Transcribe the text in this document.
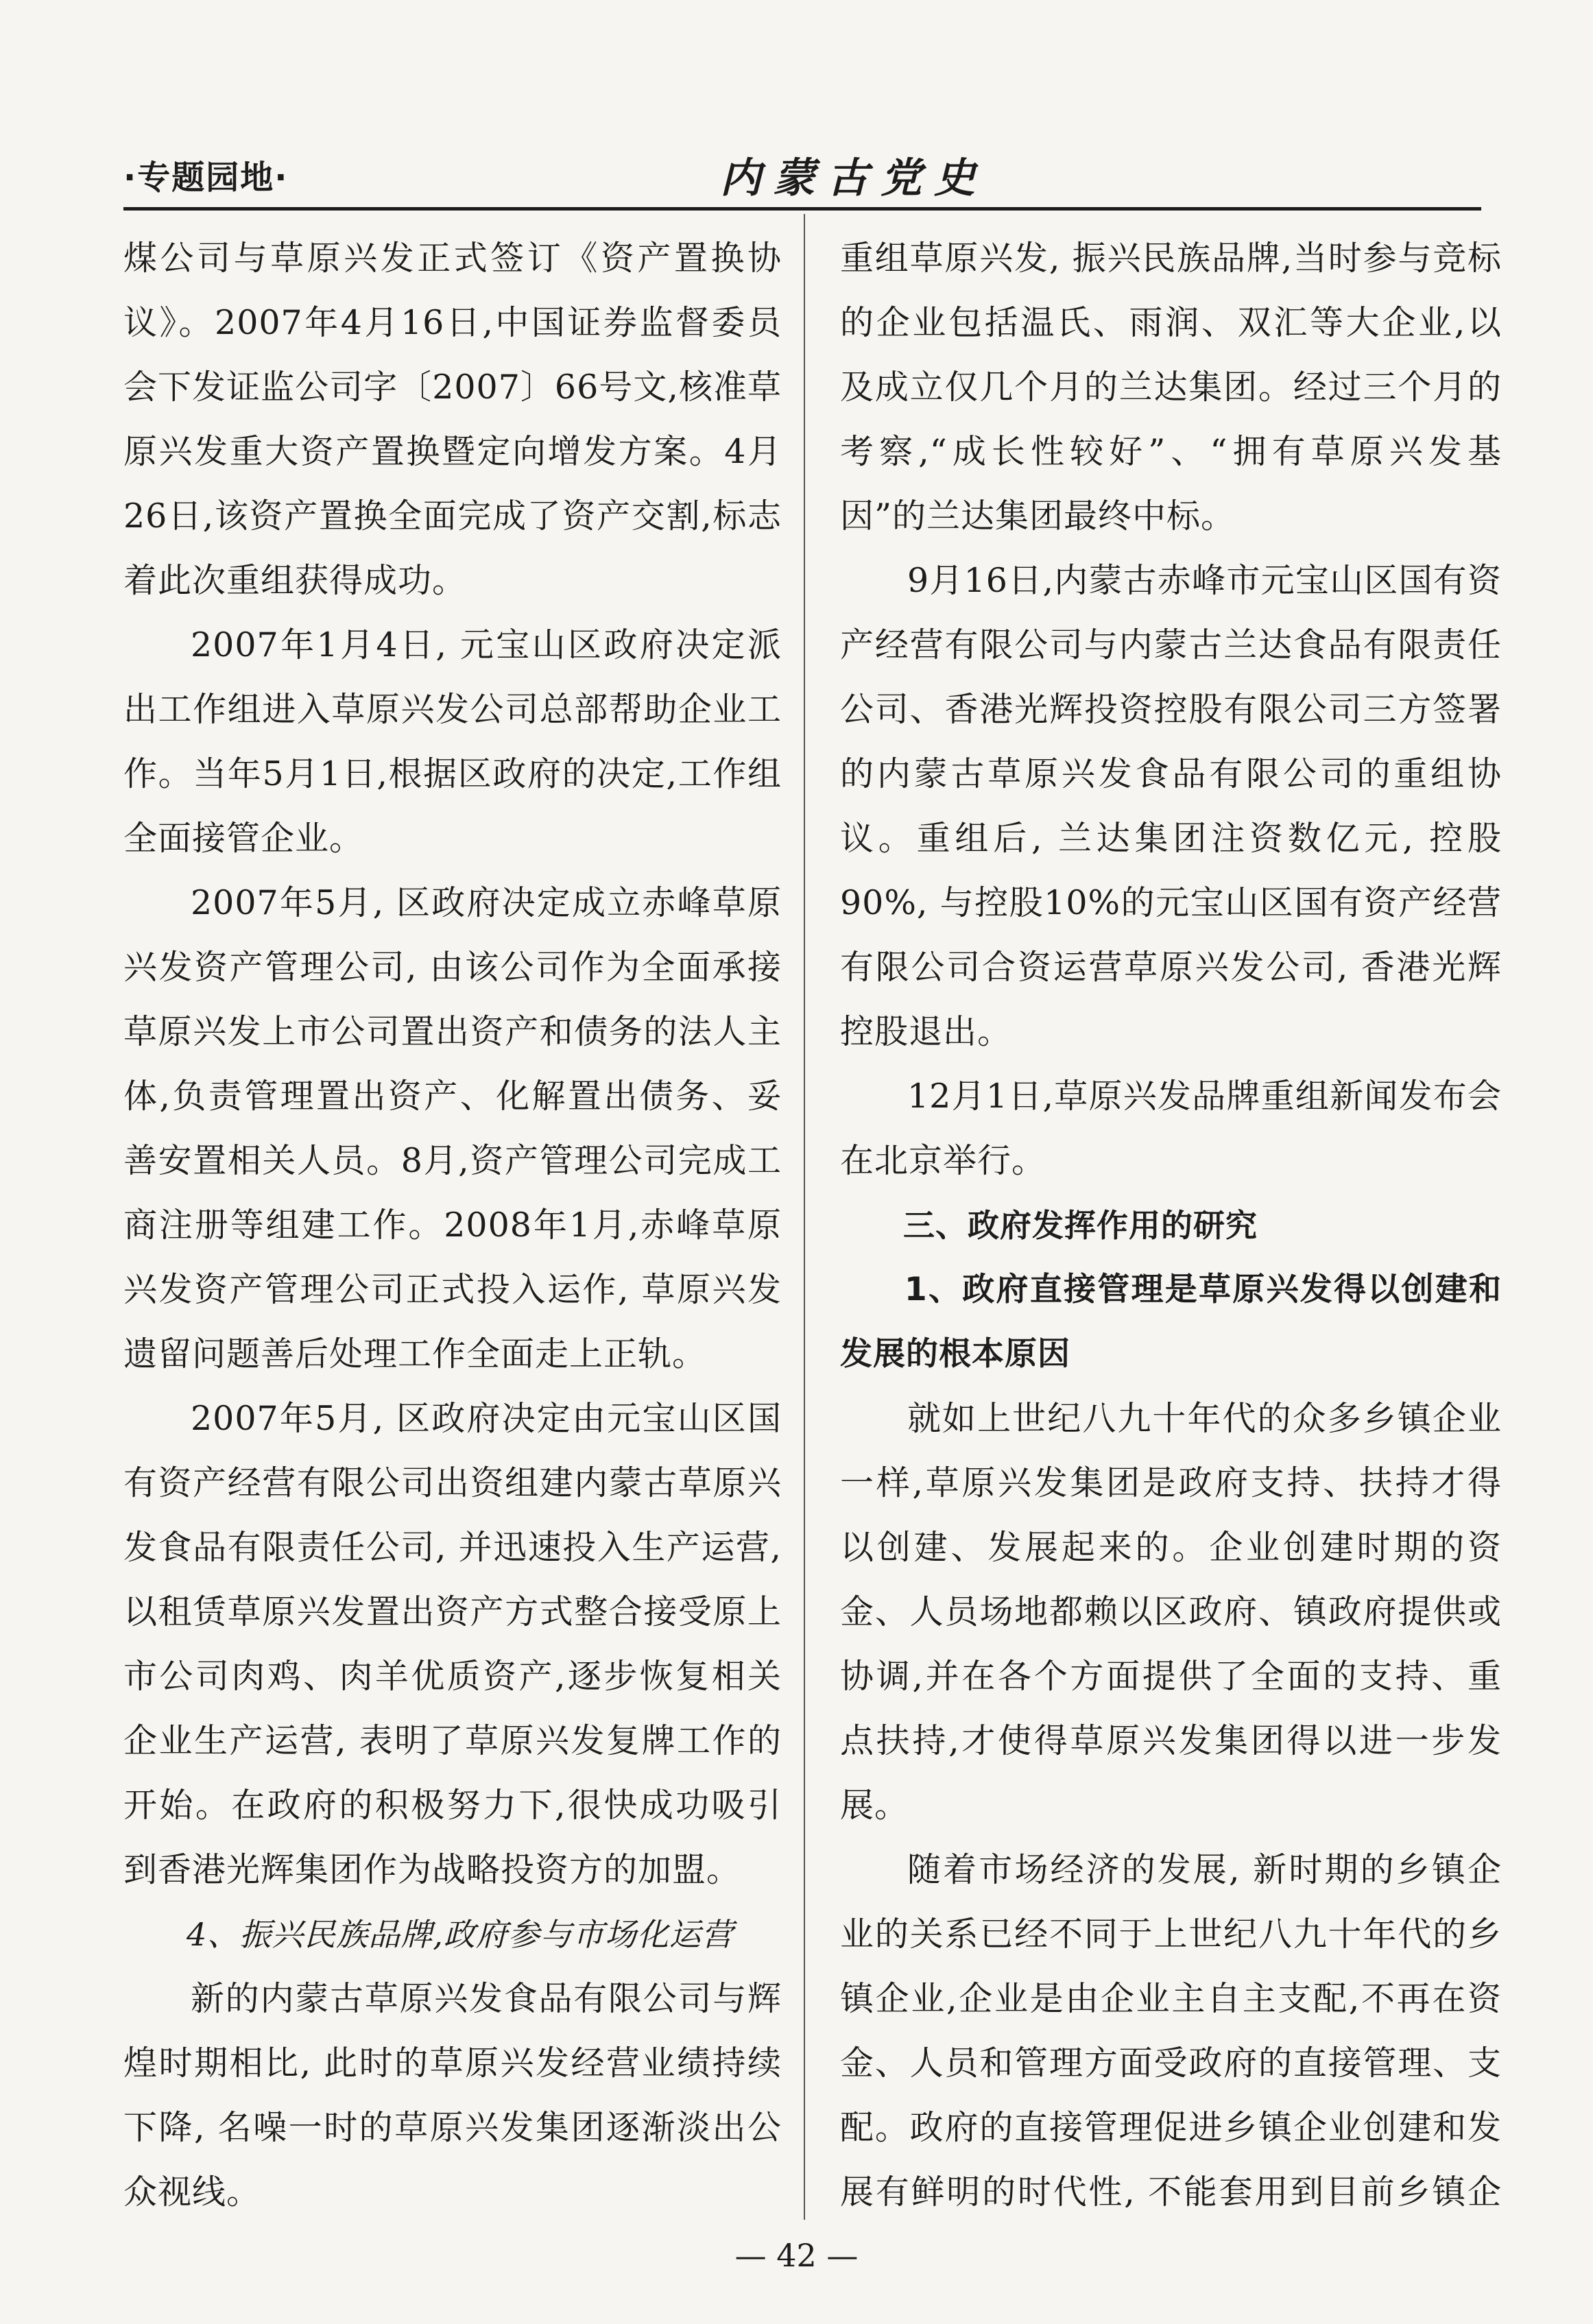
·专题园地·	内蒙古党史

煤公司与草原兴发正式签订《资产置换协议》。2007年4月16日,中国证券监督委员会下发证监公司字〔2007〕66号文,核准草原兴发重大资产置换暨定向增发方案。4月26日,该资产置换全面完成了资产交割,标志着此次重组获得成功。

2007年1月4日, 元宝山区政府决定派出工作组进入草原兴发公司总部帮助企业工作。当年5月1日,根据区政府的决定,工作组全面接管企业。

2007年5月, 区政府决定成立赤峰草原兴发资产管理公司, 由该公司作为全面承接草原兴发上市公司置出资产和债务的法人主体,负责管理置出资产、化解置出债务、妥善安置相关人员。8月,资产管理公司完成工商注册等组建工作。2008年1月,赤峰草原兴发资产管理公司正式投入运作, 草原兴发遗留问题善后处理工作全面走上正轨。

2007年5月, 区政府决定由元宝山区国有资产经营有限公司出资组建内蒙古草原兴发食品有限责任公司, 并迅速投入生产运营, 以租赁草原兴发置出资产方式整合接受原上市公司肉鸡、肉羊优质资产,逐步恢复相关企业生产运营, 表明了草原兴发复牌工作的开始。在政府的积极努力下,很快成功吸引到香港光辉集团作为战略投资方的加盟。

4、振兴民族品牌,政府参与市场化运营

新的内蒙古草原兴发食品有限公司与辉煌时期相比, 此时的草原兴发经营业绩持续下降, 名噪一时的草原兴发集团逐渐淡出公众视线。

重组草原兴发, 振兴民族品牌,当时参与竞标的企业包括温氏、雨润、双汇等大企业,以及成立仅几个月的兰达集团。经过三个月的考察,“成长性较好”、“拥有草原兴发基因”的兰达集团最终中标。

9月16日,内蒙古赤峰市元宝山区国有资产经营有限公司与内蒙古兰达食品有限责任公司、香港光辉投资控股有限公司三方签署的内蒙古草原兴发食品有限公司的重组协议。重组后, 兰达集团注资数亿元, 控股90%, 与控股10%的元宝山区国有资产经营有限公司合资运营草原兴发公司, 香港光辉控股退出。

12月1日,草原兴发品牌重组新闻发布会在北京举行。

三、政府发挥作用的研究

1、政府直接管理是草原兴发得以创建和发展的根本原因

就如上世纪八九十年代的众多乡镇企业一样,草原兴发集团是政府支持、扶持才得以创建、发展起来的。企业创建时期的资金、人员场地都赖以区政府、镇政府提供或协调,并在各个方面提供了全面的支持、重点扶持,才使得草原兴发集团得以进一步发展。

随着市场经济的发展, 新时期的乡镇企业的关系已经不同于上世纪八九十年代的乡镇企业,企业是由企业主自主支配,不再在资金、人员和管理方面受政府的直接管理、支配。政府的直接管理促进乡镇企业创建和发展有鲜明的时代性, 不能套用到目前乡镇企

— 42 —
